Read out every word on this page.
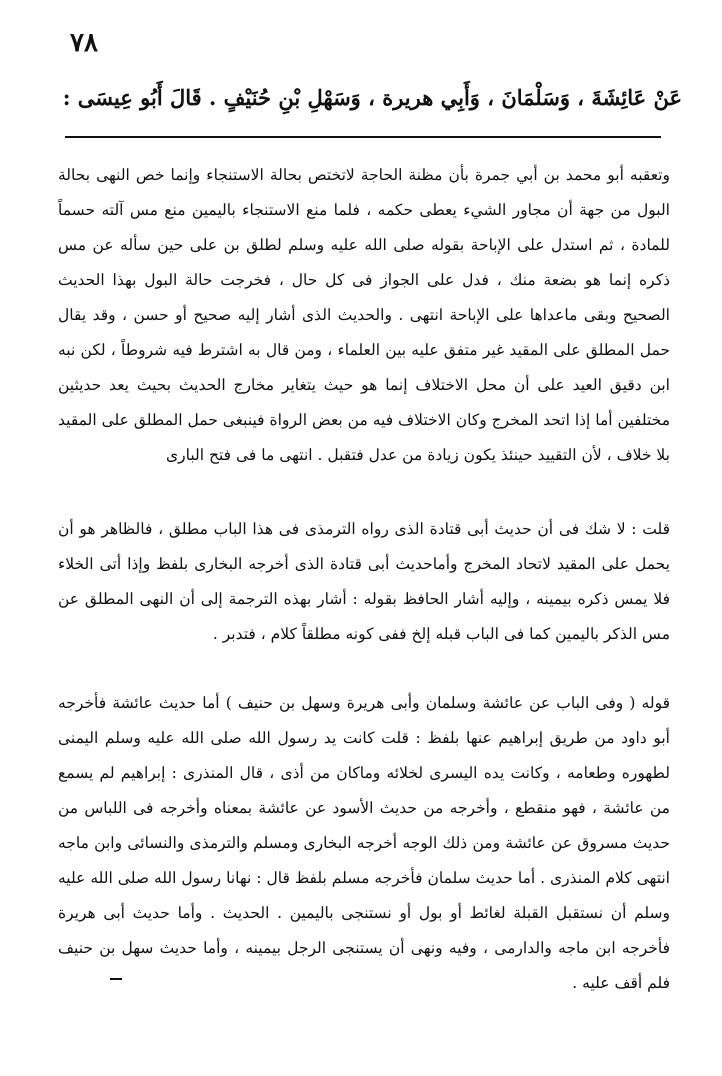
٧٨
عَنْ عَائِشَةَ ، وَسَلْمَانَ ، وَأَبِي هريرة ، وَسَهْلِ بْنِ حُنَيْفٍ . قَالَ أَبُو عِيسَى :

وتعقبه أبو محمد بن أبي جمرة بأن مظنة الحاجة لاتختص بحالة الاستنجاء وإنما خص النهى بحالة البول من جهة أن مجاور الشيء يعطى حكمه ، فلما منع الاستنجاء باليمين منع مس آلته حسماً للمادة ، ثم استدل على الإباحة بقوله صلى الله عليه وسلم لطلق بن على حين سأله عن مس ذكره إنما هو بضعة منك ، فدل على الجواز فى كل حال ، فخرجت حالة البول بهذا الحديث الصحيح وبقى ماعداها على الإباحة انتهى . والحديث الذى أشار إليه صحيح أو حسن ، وقد يقال حمل المطلق على المقيد غير متفق عليه بين العلماء ، ومن قال به اشترط فيه شروطاً ، لكن نبه ابن دقيق العيد على أن محل الاختلاف إنما هو حيث يتغاير مخارج الحديث بحيث يعد حديثين مختلفين أما إذا اتحد المخرج وكان الاختلاف فيه من بعض الرواة فينبغى حمل المطلق على المقيد بلا خلاف ، لأن التقييد حينئذ يكون زيادة من عدل فتقبل . انتهى ما فى فتح البارى

قلت : لا شك فى أن حديث أبى قتادة الذى رواه الترمذى فى هذا الباب مطلق ، فالظاهر هو أن يحمل على المقيد لاتحاد المخرج وأماحديث أبى قتادة الذى أخرجه البخارى بلفظ وإذا أتى الخلاء فلا يمس ذكره بيمينه ، وإليه أشار الحافظ بقوله : أشار بهذه الترجمة إلى أن النهى المطلق عن مس الذكر باليمين كما فى الباب قبله إلخ ففى كونه مطلقاً كلام ، فتدبر .

قوله ( وفى الباب عن عائشة وسلمان وأبى هريرة وسهل بن حنيف ) أما حديث عائشة فأخرجه أبو داود من طريق إبراهيم عنها بلفظ : قلت كانت يد رسول الله صلى الله عليه وسلم اليمنى لطهوره وطعامه ، وكانت يده اليسرى لخلائه وماكان من أذى ، قال المنذرى : إبراهيم لم يسمع من عائشة ، فهو منقطع ، وأخرجه من حديث الأسود عن عائشة بمعناه وأخرجه فى اللباس من حديث مسروق عن عائشة ومن ذلك الوجه أخرجه البخارى ومسلم والترمذى والنسائى وابن ماجه انتهى كلام المنذرى . أما حديث سلمان فأخرجه مسلم بلفظ قال : نهانا رسول الله صلى الله عليه وسلم أن نستقبل القبلة لغائط أو بول أو نستنجى باليمين . الحديث . وأما حديث أبى هريرة فأخرجه ابن ماجه والدارمى ، وفيه ونهى أن يستنجى الرجل بيمينه ، وأما حديث سهل بن حنيف فلم أقف عليه .
